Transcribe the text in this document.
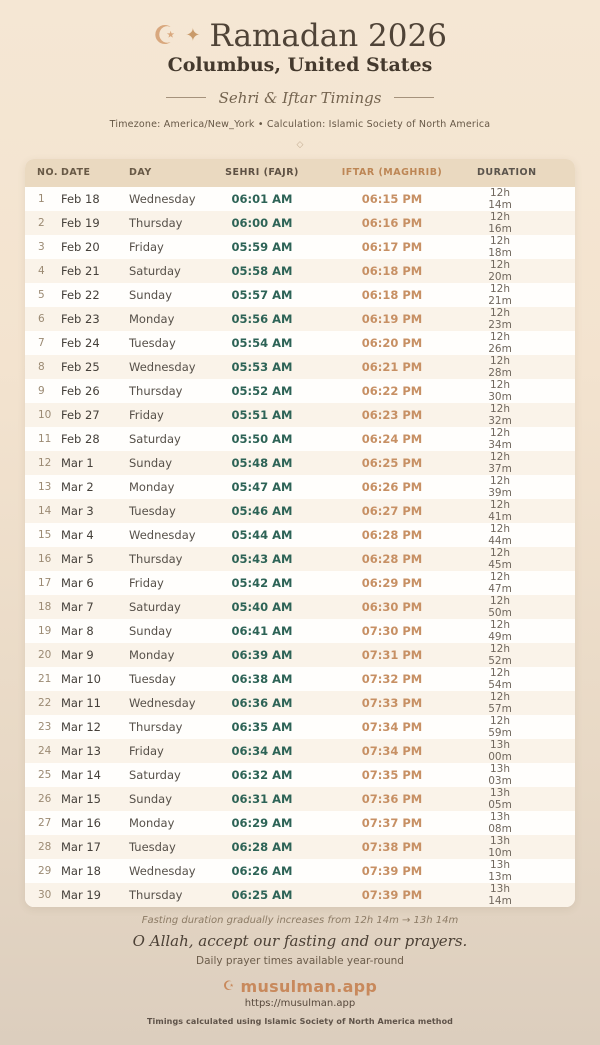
☪ ✦ Ramadan 2026
Columbus, United States
Sehri & Iftar Timings
Timezone: America/New_York • Calculation: Islamic Society of North America
◇
NO.	DATE	DAY	SEHRI (FAJR)	IFTAR (MAGHRIB)	DURATION
1	Feb 18	Wednesday	06:01 AM	06:15 PM	12h 14m
2	Feb 19	Thursday	06:00 AM	06:16 PM	12h 16m
3	Feb 20	Friday	05:59 AM	06:17 PM	12h 18m
4	Feb 21	Saturday	05:58 AM	06:18 PM	12h 20m
5	Feb 22	Sunday	05:57 AM	06:18 PM	12h 21m
6	Feb 23	Monday	05:56 AM	06:19 PM	12h 23m
7	Feb 24	Tuesday	05:54 AM	06:20 PM	12h 26m
8	Feb 25	Wednesday	05:53 AM	06:21 PM	12h 28m
9	Feb 26	Thursday	05:52 AM	06:22 PM	12h 30m
10	Feb 27	Friday	05:51 AM	06:23 PM	12h 32m
11	Feb 28	Saturday	05:50 AM	06:24 PM	12h 34m
12	Mar 1	Sunday	05:48 AM	06:25 PM	12h 37m
13	Mar 2	Monday	05:47 AM	06:26 PM	12h 39m
14	Mar 3	Tuesday	05:46 AM	06:27 PM	12h 41m
15	Mar 4	Wednesday	05:44 AM	06:28 PM	12h 44m
16	Mar 5	Thursday	05:43 AM	06:28 PM	12h 45m
17	Mar 6	Friday	05:42 AM	06:29 PM	12h 47m
18	Mar 7	Saturday	05:40 AM	06:30 PM	12h 50m
19	Mar 8	Sunday	06:41 AM	07:30 PM	12h 49m
20	Mar 9	Monday	06:39 AM	07:31 PM	12h 52m
21	Mar 10	Tuesday	06:38 AM	07:32 PM	12h 54m
22	Mar 11	Wednesday	06:36 AM	07:33 PM	12h 57m
23	Mar 12	Thursday	06:35 AM	07:34 PM	12h 59m
24	Mar 13	Friday	06:34 AM	07:34 PM	13h 00m
25	Mar 14	Saturday	06:32 AM	07:35 PM	13h 03m
26	Mar 15	Sunday	06:31 AM	07:36 PM	13h 05m
27	Mar 16	Monday	06:29 AM	07:37 PM	13h 08m
28	Mar 17	Tuesday	06:28 AM	07:38 PM	13h 10m
29	Mar 18	Wednesday	06:26 AM	07:39 PM	13h 13m
30	Mar 19	Thursday	06:25 AM	07:39 PM	13h 14m
Fasting duration gradually increases from 12h 14m → 13h 14m
O Allah, accept our fasting and our prayers.
Daily prayer times available year-round
☪ musulman.app
https://musulman.app
Timings calculated using Islamic Society of North America method
